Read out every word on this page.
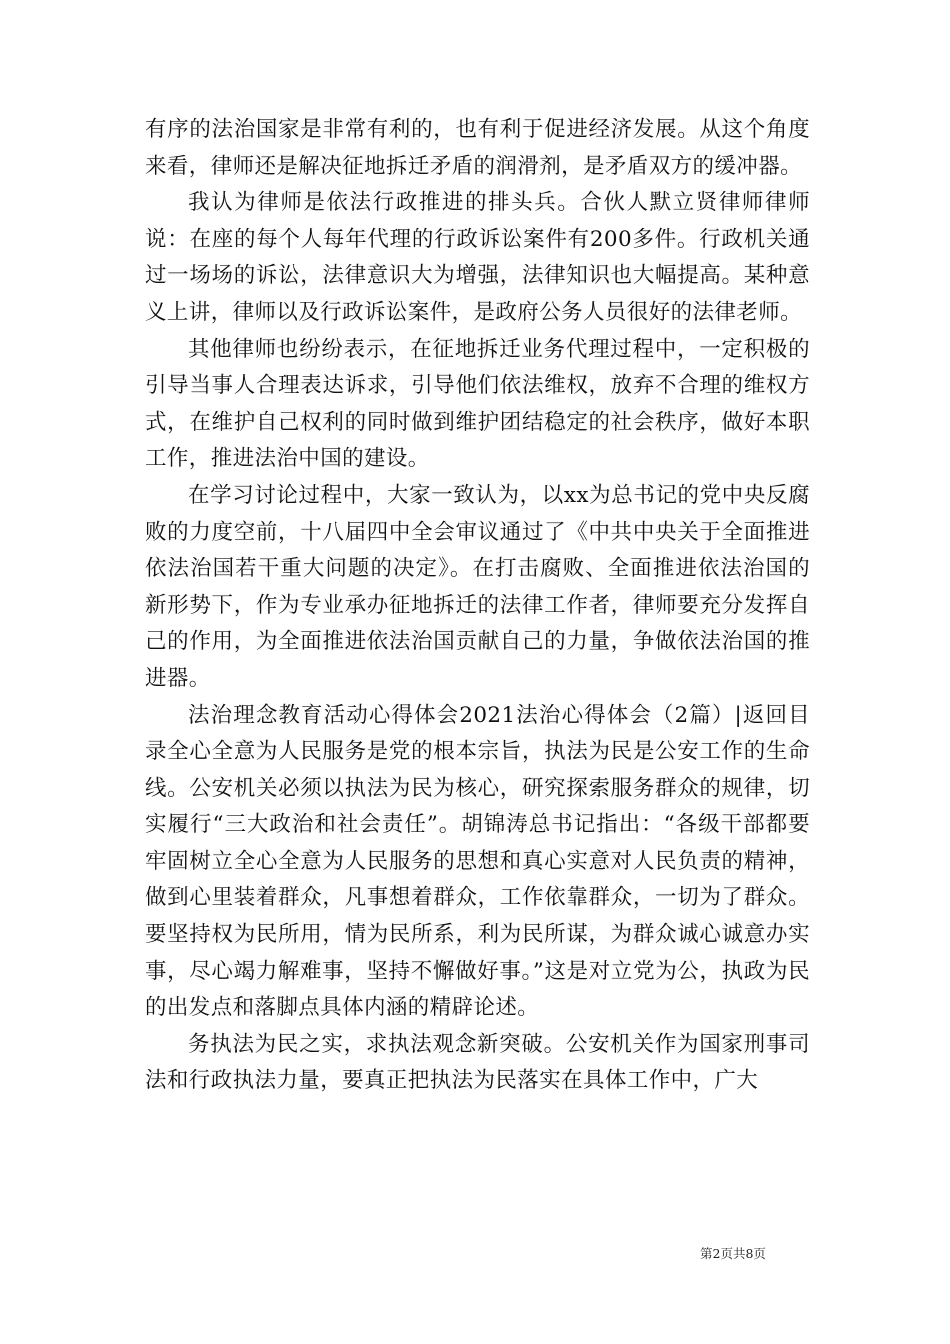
有序的法治国家是非常有利的，也有利于促进经济发展。从这个角度来看，律师还是解决征地拆迁矛盾的润滑剂，是矛盾双方的缓冲器。

我认为律师是依法行政推进的排头兵。合伙人默立贤律师律师说：在座的每个人每年代理的行政诉讼案件有200多件。行政机关通过一场场的诉讼，法律意识大为增强，法律知识也大幅提高。某种意义上讲，律师以及行政诉讼案件，是政府公务人员很好的法律老师。

其他律师也纷纷表示，在征地拆迁业务代理过程中，一定积极的引导当事人合理表达诉求，引导他们依法维权，放弃不合理的维权方式，在维护自己权利的同时做到维护团结稳定的社会秩序，做好本职工作，推进法治中国的建设。

在学习讨论过程中，大家一致认为，以xx为总书记的党中央反腐败的力度空前，十八届四中全会审议通过了《中共中央关于全面推进依法治国若干重大问题的决定》。在打击腐败、全面推进依法治国的新形势下，作为专业承办征地拆迁的法律工作者，律师要充分发挥自己的作用，为全面推进依法治国贡献自己的力量，争做依法治国的推进器。

法治理念教育活动心得体会2021法治心得体会（2篇）|返回目录全心全意为人民服务是党的根本宗旨，执法为民是公安工作的生命线。公安机关必须以执法为民为核心，研究探索服务群众的规律，切实履行“三大政治和社会责任”。胡锦涛总书记指出：“各级干部都要牢固树立全心全意为人民服务的思想和真心实意对人民负责的精神，做到心里装着群众，凡事想着群众，工作依靠群众，一切为了群众。要坚持权为民所用，情为民所系，利为民所谋，为群众诚心诚意办实事，尽心竭力解难事，坚持不懈做好事。”这是对立党为公，执政为民的出发点和落脚点具体内涵的精辟论述。

务执法为民之实，求执法观念新突破。公安机关作为国家刑事司法和行政执法力量，要真正把执法为民落实在具体工作中，广大

第2页共8页
